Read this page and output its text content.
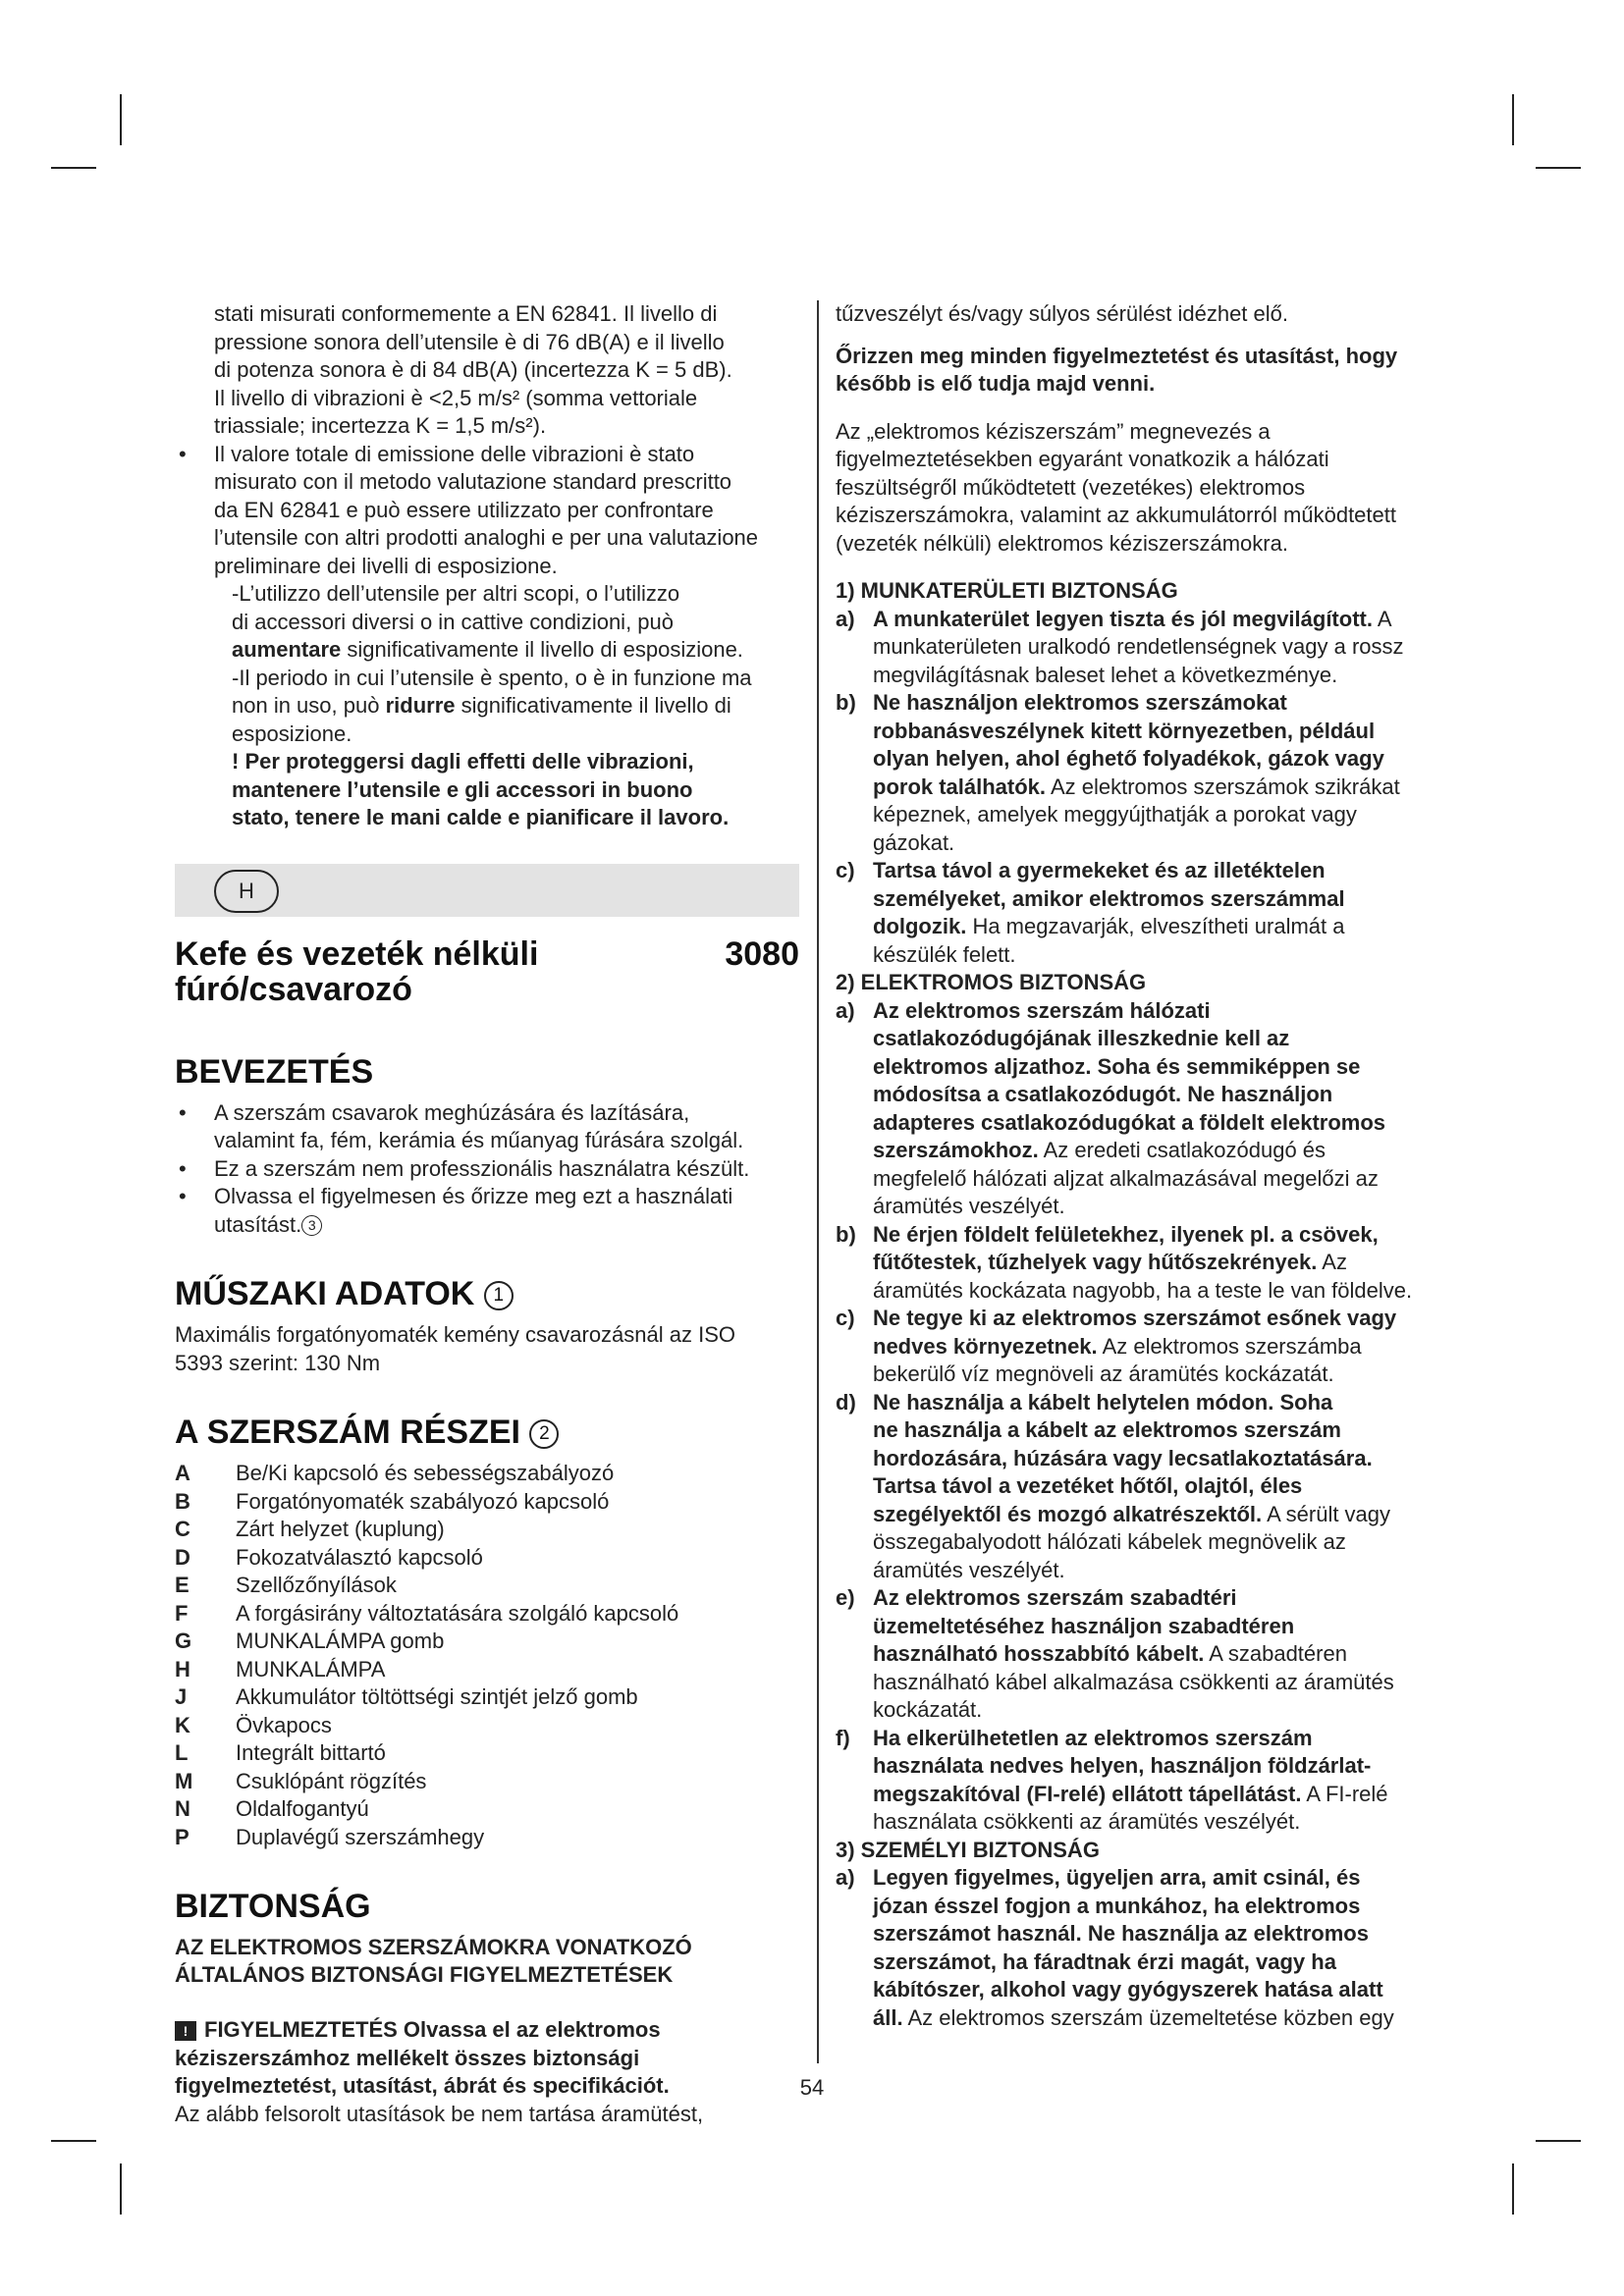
stati misurati conformemente a EN 62841. Il livello di

pressione sonora dell’utensile è di 76 dB(A) e il livello

di potenza sonora è di 84 dB(A) (incertezza K = 5 dB).

Il livello di vibrazioni è <2,5 m/s² (somma vettoriale

triassiale; incertezza K = 1,5 m/s²).

• Il valore totale di emissione delle vibrazioni è stato

misurato con il metodo valutazione standard prescritto

da EN 62841 e può essere utilizzato per confrontare

l’utensile con altri prodotti analoghi e per una valutazione

preliminare dei livelli di esposizione.

-L’utilizzo dell’utensile per altri scopi, o l’utilizzo

di accessori diversi o in cattive condizioni, può

aumentare significativamente il livello di esposizione.

-Il periodo in cui l’utensile è spento, o è in funzione ma

non in uso, può ridurre significativamente il livello di

esposizione.

! Per proteggersi dagli effetti delle vibrazioni,

mantenere l’utensile e gli accessori in buono

stato, tenere le mani calde e pianificare il lavoro.

H
Kefe és vezeték nélküli
fúró/csavarozó
3080
BEVEZETÉS

• A szerszám csavarok meghúzására és lazítására,

valamint fa, fém, kerámia és műanyag fúrására szolgál.

• Ez a szerszám nem professzionális használatra készült.

• Olvassa el figyelmesen és őrizze meg ezt a használati

utasítást. 3

MŰSZAKI ADATOK 1

Maximális forgatónyomaték kemény csavarozásnál az ISO

5393 szerint: 130 Nm

A SZERSZÁM RÉSZEI 2
A	Be/Ki kapcsoló és sebességszabályozó
B	Forgatónyomaték szabályozó kapcsoló
C	Zárt helyzet (kuplung)
D	Fokozatválasztó kapcsoló
E	Szellőzőnyílások
F	A forgásirány változtatására szolgáló kapcsoló
G	MUNKALÁMPA gomb
H	MUNKALÁMPA
J	Akkumulátor töltöttségi szintjét jelző gomb
K	Övkapocs
L	Integrált bittartó
M	Csuklópánt rögzítés
N	Oldalfogantyú
P	Duplavégű szerszámhegy
BIZTONSÁG
AZ ELEKTROMOS SZERSZÁMOKRA VONATKOZÓ
ÁLTALÁNOS BIZTONSÁGI FIGYELMEZTETÉSEK

! FIGYELMEZTETÉS Olvassa el az elektromos

kéziszerszámhoz mellékelt összes biztonsági

figyelmeztetést, utasítást, ábrát és specifikációt.

Az alább felsorolt utasítások be nem tartása áramütést,

tűzveszélyt és/vagy súlyos sérülést idézhet elő.

Őrizzen meg minden figyelmeztetést és utasítást, hogy

később is elő tudja majd venni.

Az „elektromos kéziszerszám” megnevezés a

figyelmeztetésekben egyaránt vonatkozik a hálózati

feszültségről működtetett (vezetékes) elektromos

kéziszerszámokra, valamint az akkumulátorról működtetett

(vezeték nélküli) elektromos kéziszerszámokra.

1) MUNKATERÜLETI BIZTONSÁG

a) A munkaterület legyen tiszta és jól megvilágított. A

munkaterületen uralkodó rendetlenségnek vagy a rossz

megvilágításnak baleset lehet a következménye.

b) Ne használjon elektromos szerszámokat

robbanásveszélynek kitett környezetben, például

olyan helyen, ahol éghető folyadékok, gázok vagy

porok találhatók. Az elektromos szerszámok szikrákat

képeznek, amelyek meggyújthatják a porokat vagy

gázokat.

c) Tartsa távol a gyermekeket és az illetéktelen

személyeket, amikor elektromos szerszámmal

dolgozik. Ha megzavarják, elveszítheti uralmát a

készülék felett.

2) ELEKTROMOS BIZTONSÁG

a) Az elektromos szerszám hálózati

csatlakozódugójának illeszkednie kell az

elektromos aljzathoz. Soha és semmiképpen se

módosítsa a csatlakozódugót. Ne használjon

adapteres csatlakozódugókat a földelt elektromos

szerszámokhoz. Az eredeti csatlakozódugó és

megfelelő hálózati aljzat alkalmazásával megelőzi az

áramütés veszélyét.

b) Ne érjen földelt felületekhez, ilyenek pl. a csövek,

fűtőtestek, tűzhelyek vagy hűtőszekrények. Az

áramütés kockázata nagyobb, ha a teste le van földelve.

c) Ne tegye ki az elektromos szerszámot esőnek vagy

nedves környezetnek. Az elektromos szerszámba

bekerülő víz megnöveli az áramütés kockázatát.

d) Ne használja a kábelt helytelen módon. Soha

ne használja a kábelt az elektromos szerszám

hordozására, húzására vagy lecsatlakoztatására.

Tartsa távol a vezetéket hőtől, olajtól, éles

szegélyektől és mozgó alkatrészektől. A sérült vagy

összegabalyodott hálózati kábelek megnövelik az

áramütés veszélyét.

e) Az elektromos szerszám szabadtéri

üzemeltetéséhez használjon szabadtéren

használható hosszabbító kábelt. A szabadtéren

használható kábel alkalmazása csökkenti az áramütés

kockázatát.

f) Ha elkerülhetetlen az elektromos szerszám

használata nedves helyen, használjon földzárlat-

megszakítóval (FI-relé) ellátott tápellátást. A FI-relé

használata csökkenti az áramütés veszélyét.

3) SZEMÉLYI BIZTONSÁG

a) Legyen figyelmes, ügyeljen arra, amit csinál, és

józan ésszel fogjon a munkához, ha elektromos

szerszámot használ. Ne használja az elektromos

szerszámot, ha fáradtnak érzi magát, vagy ha

kábítószer, alkohol vagy gyógyszerek hatása alatt

áll. Az elektromos szerszám üzemeltetése közben egy

54
